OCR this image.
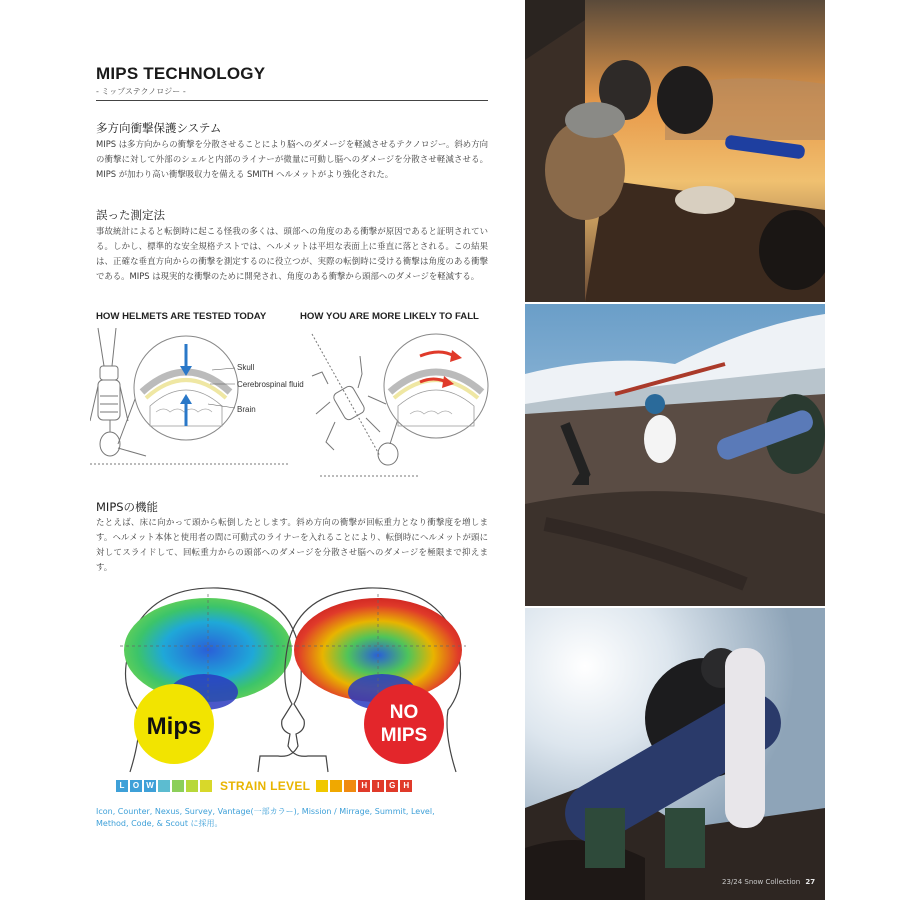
MIPS TECHNOLOGY
- ミップステクノロジー -
多方向衝撃保護システム

MIPS は多方向からの衝撃を分散させることにより脳へのダメージを軽減させるテクノロジー。斜め方向の衝撃に対して外部のシェルと内部のライナーが微量に可動し脳へのダメージを分散させ軽減させる。MIPS が加わり高い衝撃吸収力を備える SMITH ヘルメットがより強化された。

誤った測定法

事故統計によると転倒時に起こる怪我の多くは、頭部への角度のある衝撃が原因であると証明されている。しかし、標準的な安全規格テストでは、ヘルメットは平坦な表面上に垂直に落とされる。この結果は、正確な垂直方向からの衝撃を測定するのに役立つが、実際の転倒時に受ける衝撃は角度のある衝撃である。MIPS は現実的な衝撃のために開発され、角度のある衝撃から頭部へのダメージを軽減する。

HOW HELMETS ARE TESTED TODAY	HOW YOU ARE MORE LIKELY TO FALL
Skull
Cerebrospinal fluid
Brain
MIPSの機能

たとえば、床に向かって頭から転倒したとします。斜め方向の衝撃が回転重力となり衝撃度を増します。ヘルメット本体と使用者の間に可動式のライナーを入れることにより、転倒時にヘルメットが頭に対してスライドして、回転重力からの頭部へのダメージを分散させ脳へのダメージを極限まで抑えます。

Mips
NO
MIPS
L	O W	STRAIN LEVEL	H	I	G	H

Icon, Counter, Nexus, Survey, Vantage(一部カラー), Mission / Mirrage, Summit, Level, Method, Code, & Scout に採用。

23/24 Snow Collection 27
